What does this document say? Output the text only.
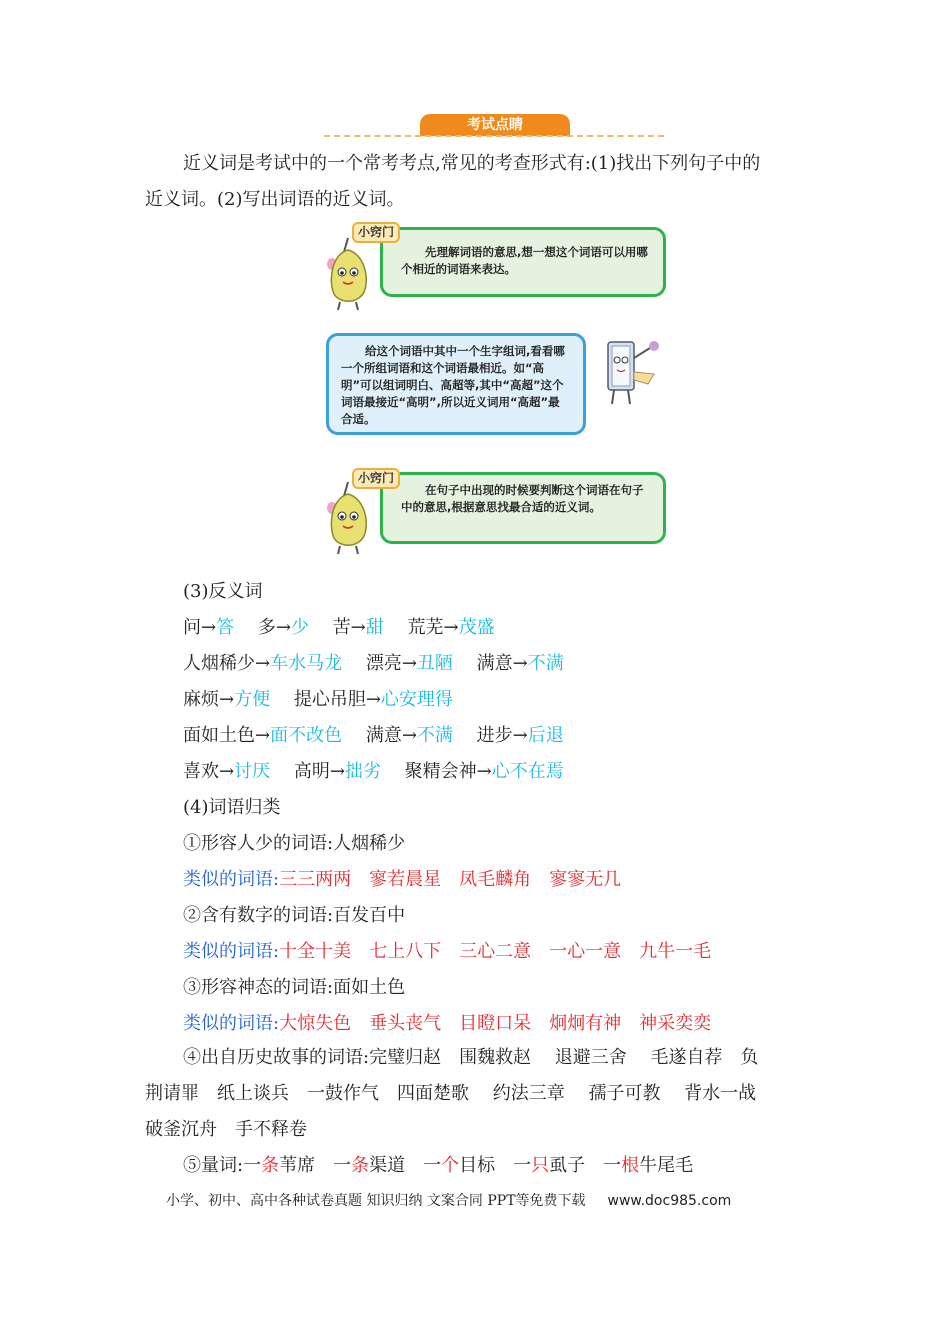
考试点睛
近义词是考试中的一个常考考点,常见的考查形式有:(1)找出下列句子中的
近义词。(2)写出词语的近义词。
先理解词语的意思,想一想这个词语可以用哪个相近的词语来表达。
小窍门
给这个词语中其中一个生字组词,看看哪一个所组词语和这个词语最相近。如“高明”可以组词明白、高超等,其中“高超”这个词语最接近“高明”,所以近义词用“高超”最合适。
在句子中出现的时候要判断这个词语在句子中的意思,根据意思找最合适的近义词。
小窍门
(3)反义词
问→答　 多→少　 苦→甜　 荒芜→茂盛
人烟稀少→车水马龙　 漂亮→丑陋　 满意→不满
麻烦→方便　 提心吊胆→心安理得
面如土色→面不改色　 满意→不满　 进步→后退
喜欢→讨厌　 高明→拙劣　 聚精会神→心不在焉
(4)词语归类
①形容人少的词语:人烟稀少
类似的词语:三三两两　 寥若晨星　 凤毛麟角　 寥寥无几
②含有数字的词语:百发百中
类似的词语:十全十美　 七上八下　 三心二意　 一心一意　 九牛一毛
③形容神态的词语:面如土色
类似的词语:大惊失色　 垂头丧气　 目瞪口呆　 炯炯有神　 神采奕奕
④出自历史故事的词语:完璧归赵　围魏救赵　 退避三舍　 毛遂自荐　负
荆请罪　纸上谈兵　一鼓作气　四面楚歌　 约法三章　 孺子可教　 背水一战
破釜沉舟　手不释卷
⑤量词:一条苇席　 一条渠道　 一个目标　 一只虱子　 一根牛尾毛
小学、初中、高中各种试卷真题 知识归纳 文案合同 PPT等免费下载 www.doc985.com
